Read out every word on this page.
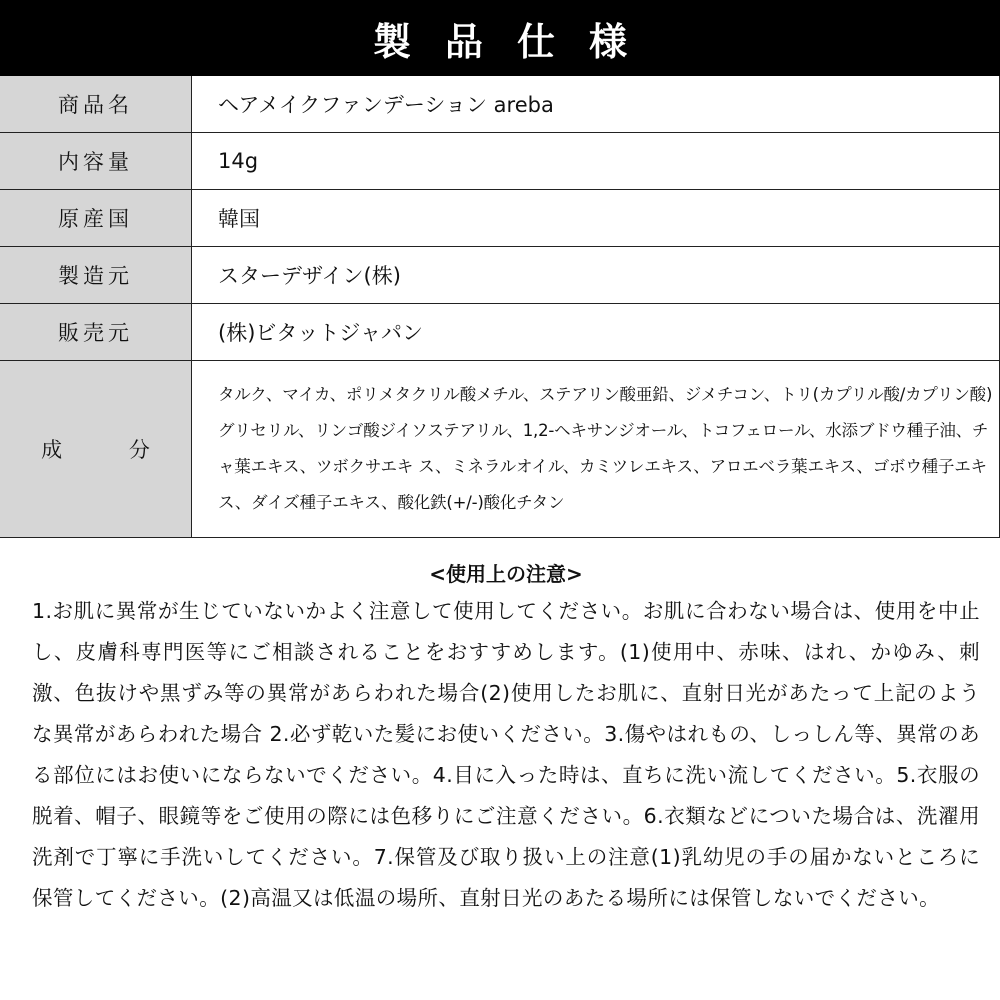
製品仕様
商品名	ヘアメイクファンデーション areba
内容量	14g
原産国	韓国
製造元	スターデザイン(株)
販売元	(株)ビタットジャパン
成 分	タルク、マイカ、ポリメタクリル酸メチル、ステアリン酸亜鉛、ジメチコン、トリ(カプリル酸/カプリン酸)グリセリル、リンゴ酸ジイソステアリル、1,2-ヘキサンジオール、トコフェロール、水添ブドウ種子油、チャ葉エキス、ツボクサエキ ス、ミネラルオイル、カミツレエキス、アロエベラ葉エキス、ゴボウ種子エキス、ダイズ種子エキス、酸化鉄(+/-)酸化チタン
<使用上の注意>
1.お肌に異常が生じていないかよく注意して使用してください。お肌に合わない場合は、使用を中止し、皮膚科専門医等にご相談されることをおすすめします。(1)使用中、赤味、はれ、かゆみ、刺激、色抜けや黒ずみ等の異常があらわれた場合(2)使用したお肌に、直射日光があたって上記のような異常があらわれた場合 2.必ず乾いた髪にお使いください。3.傷やはれもの、しっしん等、異常のある部位にはお使いにならないでください。4.目に入った時は、直ちに洗い流してください。5.衣服の脱着、帽子、眼鏡等をご使用の際には色移りにご注意ください。6.衣類などについた場合は、洗濯用洗剤で丁寧に手洗いしてください。7.保管及び取り扱い上の注意(1)乳幼児の手の届かないところに保管してください。(2)高温又は低温の場所、直射日光のあたる場所には保管しないでください。
